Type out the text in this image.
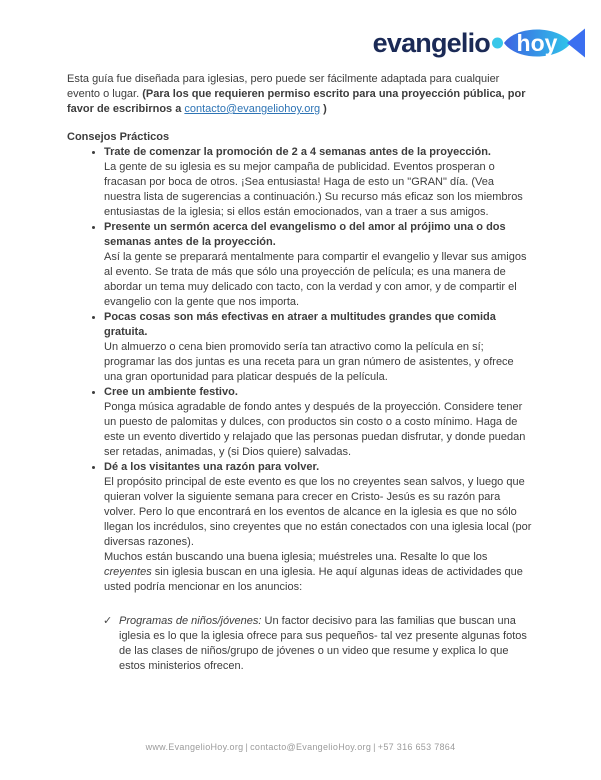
evangelio hoy

Esta guía fue diseñada para iglesias, pero puede ser fácilmente adaptada para cualquier evento o lugar. (Para los que requieren permiso escrito para una proyección pública, por favor de escribirnos a contacto@evangeliohoy.org )

Consejos Prácticos

• Trate de comenzar la promoción de 2 a 4 semanas antes de la proyección.
La gente de su iglesia es su mejor campaña de publicidad. Eventos prosperan o fracasan por boca de otros. ¡Sea entusiasta! Haga de esto un "GRAN" día. (Vea nuestra lista de sugerencias a continuación.) Su recurso más eficaz son los miembros entusiastas de la iglesia; si ellos están emocionados, van a traer a sus amigos.
• Presente un sermón acerca del evangelismo o del amor al prójimo una o dos semanas antes de la proyección.
Así la gente se preparará mentalmente para compartir el evangelio y llevar sus amigos al evento. Se trata de más que sólo una proyección de película; es una manera de abordar un tema muy delicado con tacto, con la verdad y con amor, y de compartir el evangelio con la gente que nos importa.
• Pocas cosas son más efectivas en atraer a multitudes grandes que comida gratuita.
Un almuerzo o cena bien promovido sería tan atractivo como la película en sí; programar las dos juntas es una receta para un gran número de asistentes, y ofrece una gran oportunidad para platicar después de la película.
• Cree un ambiente festivo.
Ponga música agradable de fondo antes y después de la proyección. Considere tener un puesto de palomitas y dulces, con productos sin costo o a costo mínimo. Haga de este un evento divertido y relajado que las personas puedan disfrutar, y donde puedan ser retadas, animadas, y (si Dios quiere) salvadas.
• Dé a los visitantes una razón para volver.
El propósito principal de este evento es que los no creyentes sean salvos, y luego que quieran volver la siguiente semana para crecer en Cristo- Jesús es su razón para volver. Pero lo que encontrará en los eventos de alcance en la iglesia es que no sólo llegan los incrédulos, sino creyentes que no están conectados con una iglesia local (por diversas razones).
Muchos están buscando una buena iglesia; muéstreles una. Resalte lo que los creyentes sin iglesia buscan en una iglesia. He aquí algunas ideas de actividades que usted podría mencionar en los anuncios:
✓ Programas de niños/jóvenes: Un factor decisivo para las familias que buscan una iglesia es lo que la iglesia ofrece para sus pequeños- tal vez presente algunas fotos de las clases de niños/grupo de jóvenes o un video que resume y explica lo que estos ministerios ofrecen.
www.EvangelioHoy.org | contacto@EvangelioHoy.org | +57 316 653 7864
